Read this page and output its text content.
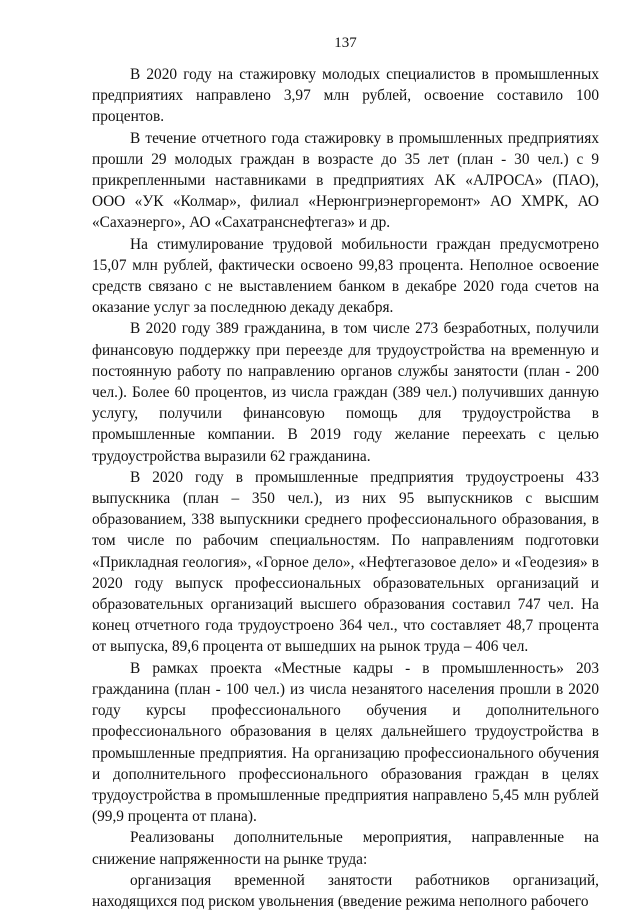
137

В 2020 году на стажировку молодых специалистов в промышленных предприятиях направлено 3,97 млн рублей, освоение составило 100 процентов.

В течение отчетного года стажировку в промышленных предприятиях прошли 29 молодых граждан в возрасте до 35 лет (план - 30 чел.) с 9 прикрепленными наставниками в предприятиях АК «АЛРОСА» (ПАО), ООО «УК «Колмар», филиал «Нерюнгриэнергоремонт» АО ХМРК, АО «Сахаэнерго», АО «Сахатранснефтегаз» и др.

На стимулирование трудовой мобильности граждан предусмотрено 15,07 млн рублей, фактически освоено 99,83 процента. Неполное освоение средств связано с не выставлением банком в декабре 2020 года счетов на оказание услуг за последнюю декаду декабря.

В 2020 году 389 гражданина, в том числе 273 безработных, получили финансовую поддержку при переезде для трудоустройства на временную и постоянную работу по направлению органов службы занятости (план - 200 чел.). Более 60 процентов, из числа граждан (389 чел.) получивших данную услугу, получили финансовую помощь для трудоустройства в промышленные компании. В 2019 году желание переехать с целью трудоустройства выразили 62 гражданина.

В 2020 году в промышленные предприятия трудоустроены 433 выпускника (план – 350 чел.), из них 95 выпускников с высшим образованием, 338 выпускники среднего профессионального образования, в том числе по рабочим специальностям. По направлениям подготовки «Прикладная геология», «Горное дело», «Нефтегазовое дело» и «Геодезия» в 2020 году выпуск профессиональных образовательных организаций и образовательных организаций высшего образования составил 747 чел. На конец отчетного года трудоустроено 364 чел., что составляет 48,7 процента от выпуска, 89,6 процента от вышедших на рынок труда – 406 чел.

В рамках проекта «Местные кадры - в промышленность» 203 гражданина (план - 100 чел.) из числа незанятого населения прошли в 2020 году курсы профессионального обучения и дополнительного профессионального образования в целях дальнейшего трудоустройства в промышленные предприятия. На организацию профессионального обучения и дополнительного профессионального образования граждан в целях трудоустройства в промышленные предприятия направлено 5,45 млн рублей (99,9 процента от плана).

Реализованы дополнительные мероприятия, направленные на снижение напряженности на рынке труда:

организация временной занятости работников организаций, находящихся под риском увольнения (введение режима неполного рабочего
